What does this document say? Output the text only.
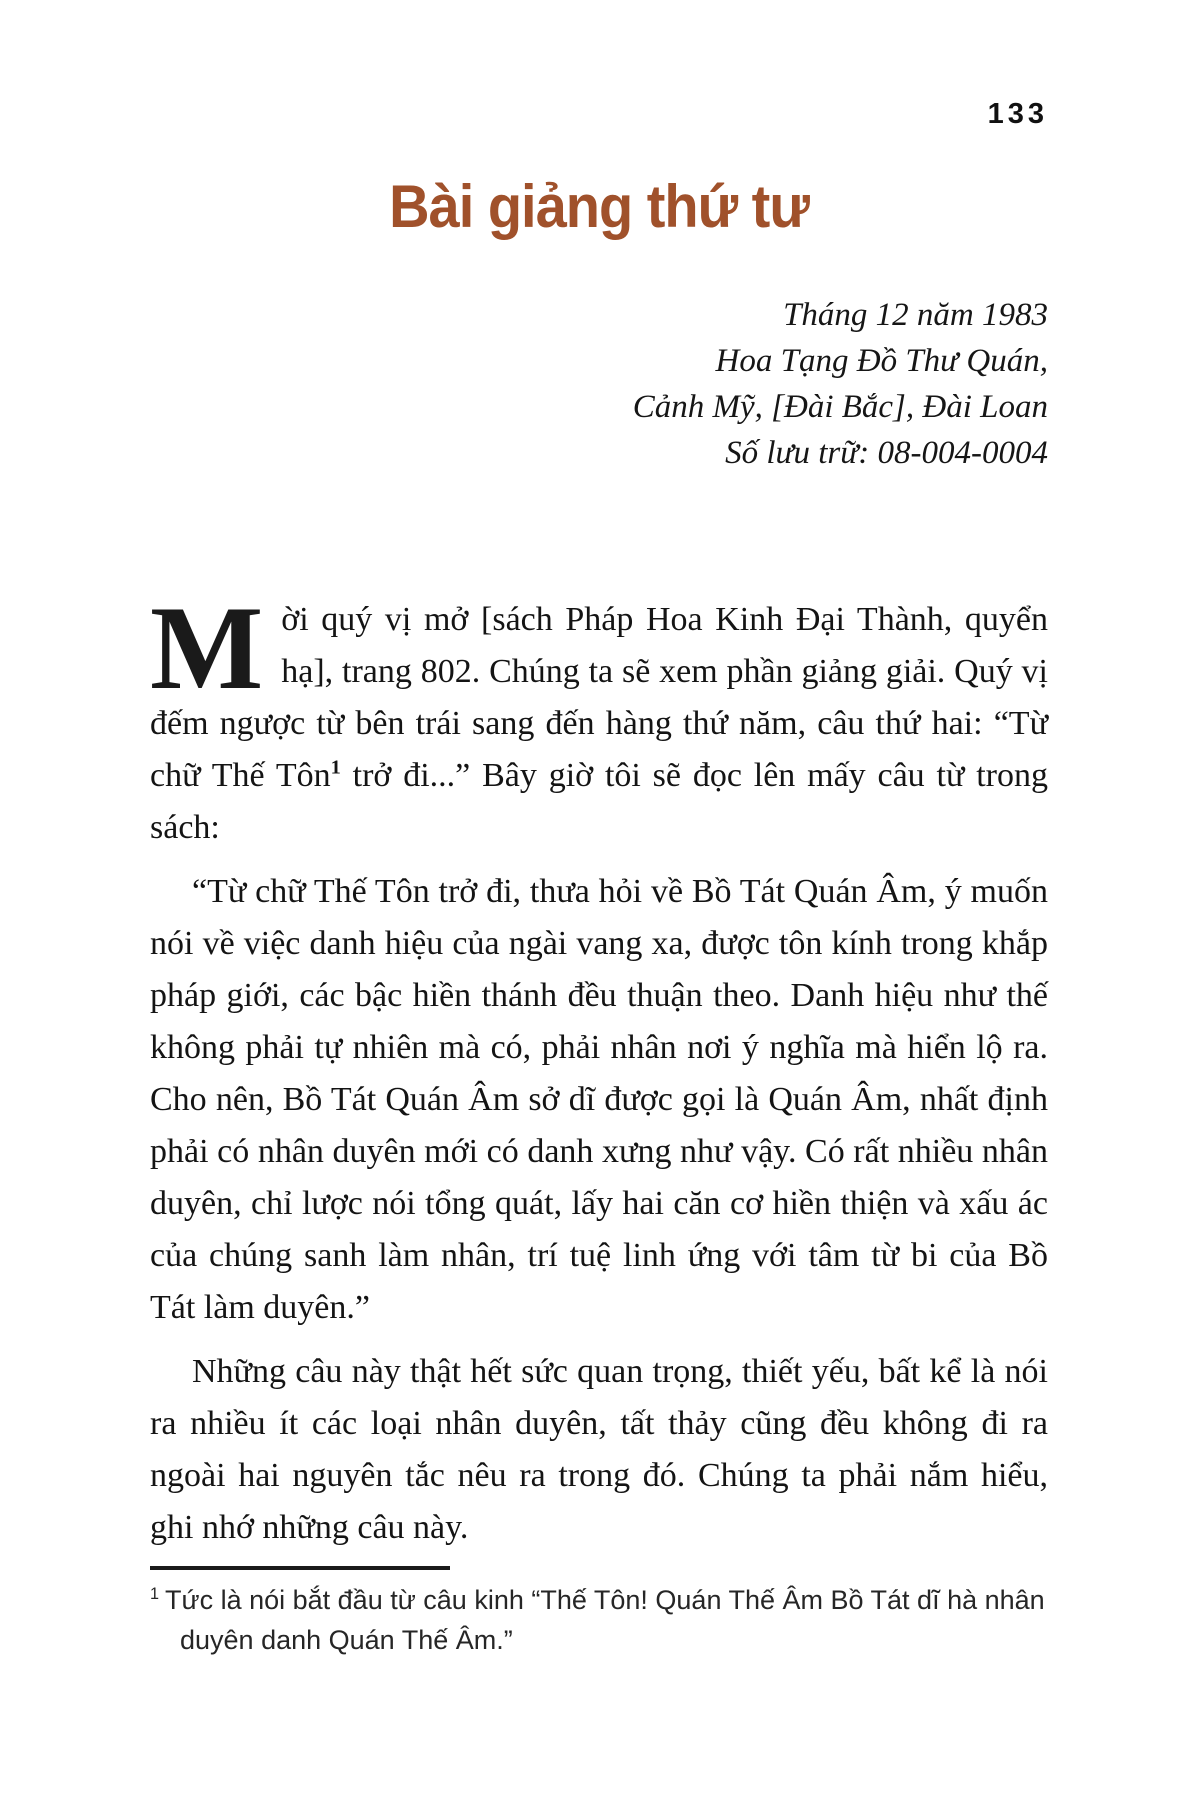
133
Bài giảng thứ tư
Tháng 12 năm 1983
Hoa Tạng Đồ Thư Quán,
Cảnh Mỹ, [Đài Bắc], Đài Loan
Số lưu trữ: 08-004-0004

Mời quý vị mở [sách Pháp Hoa Kinh Đại Thành, quyển hạ], trang 802. Chúng ta sẽ xem phần giảng giải. Quý vị đếm ngược từ bên trái sang đến hàng thứ năm, câu thứ hai: “Từ chữ Thế Tôn$^1$ trở đi...” Bây giờ tôi sẽ đọc lên mấy câu từ trong sách:

“Từ chữ Thế Tôn trở đi, thưa hỏi về Bồ Tát Quán Âm, ý muốn nói về việc danh hiệu của ngài vang xa, được tôn kính trong khắp pháp giới, các bậc hiền thánh đều thuận theo. Danh hiệu như thế không phải tự nhiên mà có, phải nhân nơi ý nghĩa mà hiển lộ ra. Cho nên, Bồ Tát Quán Âm sở dĩ được gọi là Quán Âm, nhất định phải có nhân duyên mới có danh xưng như vậy. Có rất nhiều nhân duyên, chỉ lược nói tổng quát, lấy hai căn cơ hiền thiện và xấu ác của chúng sanh làm nhân, trí tuệ linh ứng với tâm từ bi của Bồ Tát làm duyên.”

Những câu này thật hết sức quan trọng, thiết yếu, bất kể là nói ra nhiều ít các loại nhân duyên, tất thảy cũng đều không đi ra ngoài hai nguyên tắc nêu ra trong đó. Chúng ta phải nắm hiểu, ghi nhớ những câu này.

$^1$ Tức là nói bắt đầu từ câu kinh “Thế Tôn! Quán Thế Âm Bồ Tát dĩ hà nhân duyên danh Quán Thế Âm.”
